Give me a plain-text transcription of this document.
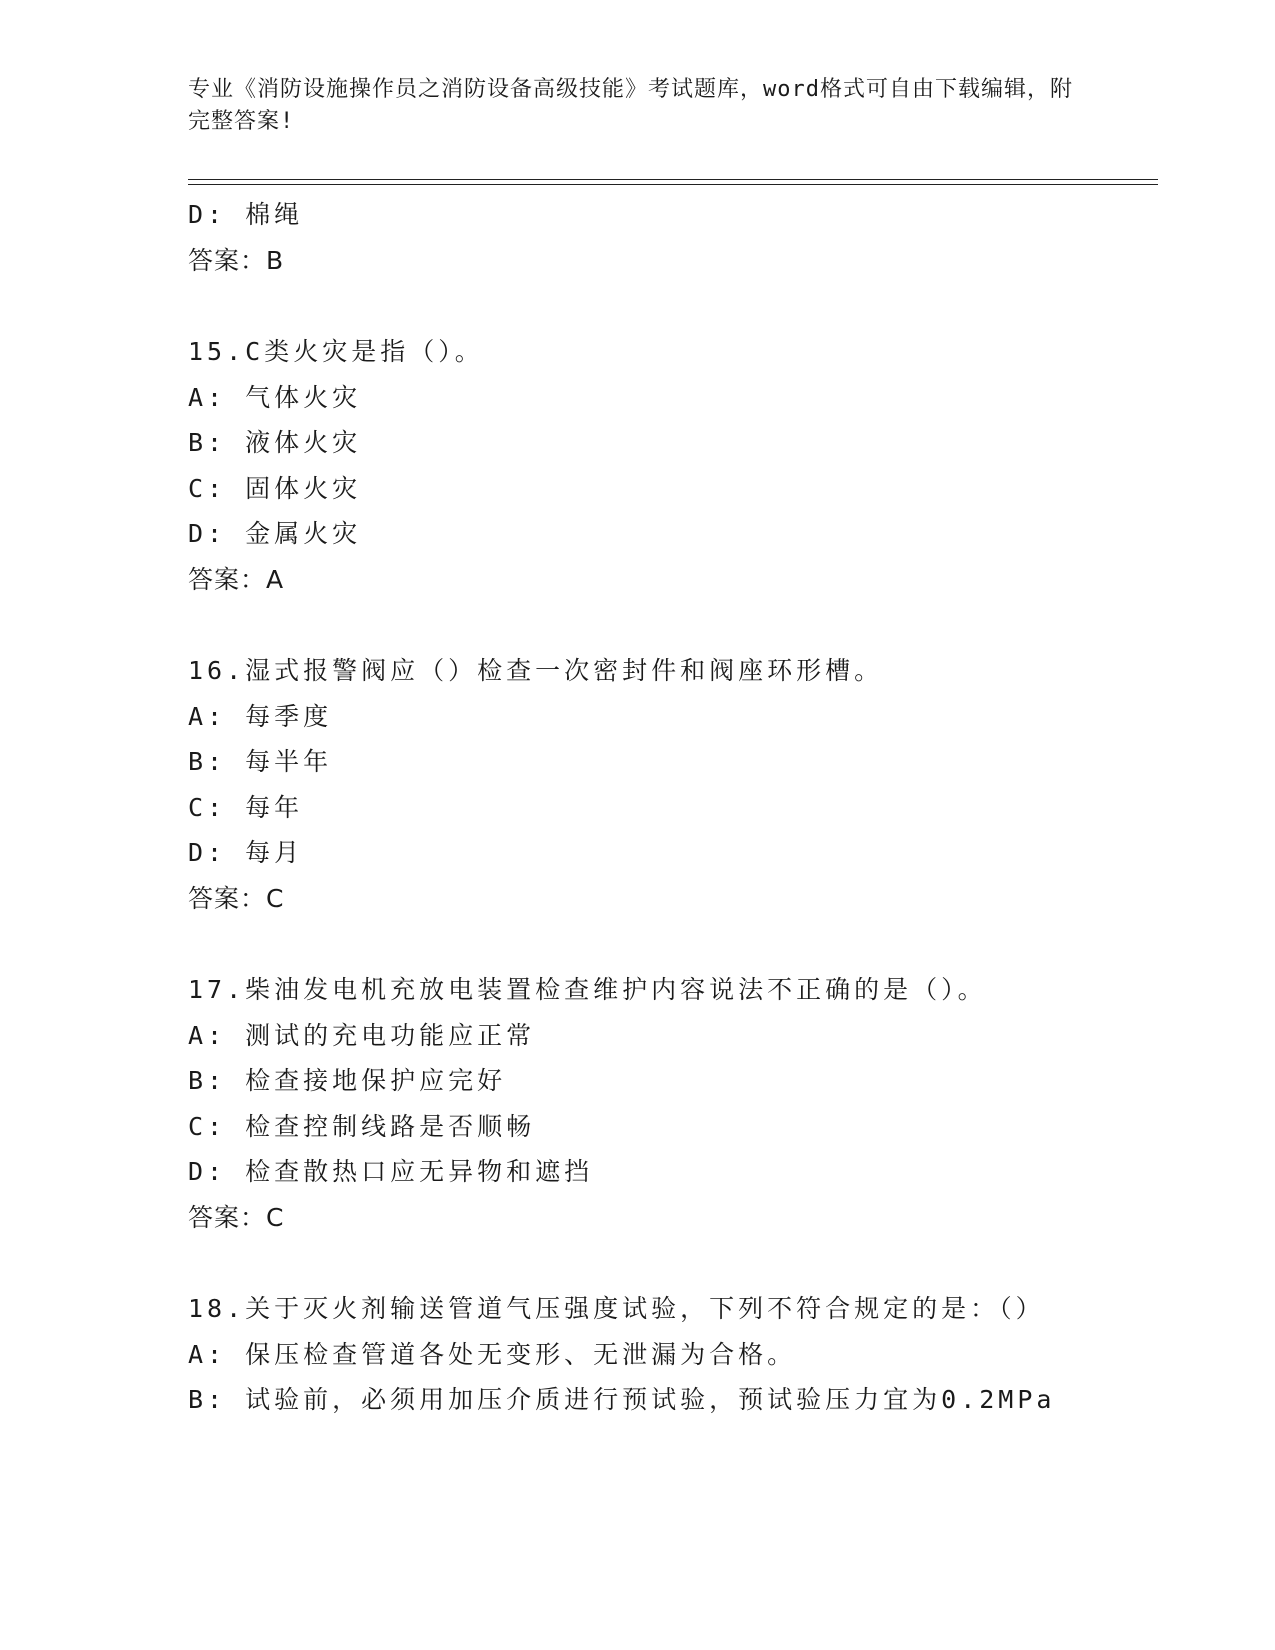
专业《消防设施操作员之消防设备高级技能》考试题库，word格式可自由下载编辑，附完整答案!
D: 棉绳
答案：B
15.C类火灾是指（）。
A: 气体火灾
B: 液体火灾
C: 固体火灾
D: 金属火灾
答案：A
16.湿式报警阀应（）检查一次密封件和阀座环形槽。
A: 每季度
B: 每半年
C: 每年
D: 每月
答案：C
17.柴油发电机充放电装置检查维护内容说法不正确的是（）。
A: 测试的充电功能应正常
B: 检查接地保护应完好
C: 检查控制线路是否顺畅
D: 检查散热口应无异物和遮挡
答案：C
18.关于灭火剂输送管道气压强度试验，下列不符合规定的是：（）
A: 保压检查管道各处无变形、无泄漏为合格。
B: 试验前，必须用加压介质进行预试验，预试验压力宜为0.2MPa
